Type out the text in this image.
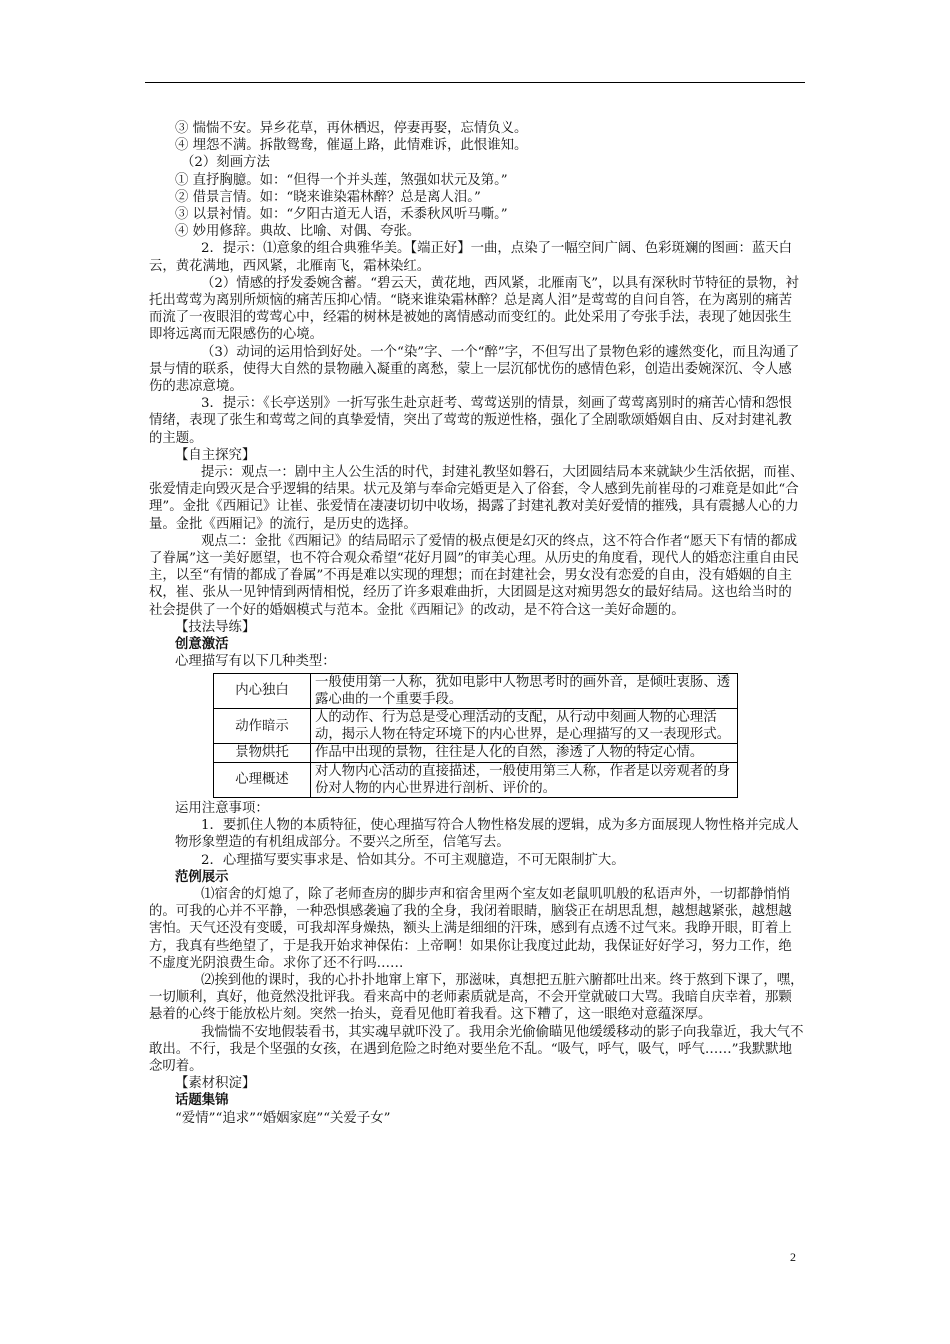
③ 惴惴不安。异乡花草，再休栖迟，停妻再娶，忘情负义。

④ 埋怨不满。拆散鸳鸯，催逼上路，此情难诉，此恨谁知。

（2）刻画方法

① 直抒胸臆。如：“但得一个并头莲，煞强如状元及第。”

② 借景言情。如：“晓来谁染霜林醉？总是离人泪。”

③ 以景衬情。如：“夕阳古道无人语，禾黍秋风听马嘶。”

④ 妙用修辞。典故、比喻、对偶、夸张。

2．提示：⑴意象的组合典雅华美。【端正好】一曲，点染了一幅空间广阔、色彩斑斓的图画：蓝天白云，黄花满地，西风紧，北雁南飞，霜林染红。

（2）情感的抒发委婉含蓄。“碧云天，黄花地，西风紧，北雁南飞”，以具有深秋时节特征的景物，衬托出莺莺为离别所烦恼的痛苦压抑心情。“晓来谁染霜林醉？总是离人泪”是莺莺的自问自答，在为离别的痛苦而流了一夜眼泪的莺莺心中，经霜的树林是被她的离情感动而变红的。此处采用了夸张手法，表现了她因张生即将远离而无限感伤的心境。

（3）动词的运用恰到好处。一个“染”字、一个“醉”字，不但写出了景物色彩的遽然变化，而且沟通了景与情的联系，使得大自然的景物融入凝重的离愁，蒙上一层沉郁忧伤的感情色彩，创造出委婉深沉、令人感伤的悲凉意境。

3．提示：《长亭送别》一折写张生赴京赶考、莺莺送别的情景，刻画了莺莺离别时的痛苦心情和怨恨情绪，表现了张生和莺莺之间的真挚爱情，突出了莺莺的叛逆性格，强化了全剧歌颂婚姻自由、反对封建礼教的主题。

【自主探究】

提示：观点一：剧中主人公生活的时代，封建礼教坚如磐石，大团圆结局本来就缺少生活依据，而崔、张爱情走向毁灭是合乎逻辑的结果。状元及第与奉命完婚更是入了俗套，令人感到先前崔母的刁难竟是如此“合理”。金批《西厢记》让崔、张爱情在凄凄切切中收场，揭露了封建礼教对美好爱情的摧残，具有震撼人心的力量。金批《西厢记》的流行，是历史的选择。

观点二：金批《西厢记》的结局昭示了爱情的极点便是幻灭的终点，这不符合作者“愿天下有情的都成了眷属”这一美好愿望，也不符合观众希望“花好月圆”的审美心理。从历史的角度看，现代人的婚恋注重自由民主，以至“有情的都成了眷属”不再是难以实现的理想；而在封建社会，男女没有恋爱的自由，没有婚姻的自主权，崔、张从一见钟情到两情相悦，经历了许多艰难曲折，大团圆是这对痴男怨女的最好结局。这也给当时的社会提供了一个好的婚姻模式与范本。金批《西厢记》的改动，是不符合这一美好命题的。

【技法导练】

创意激活

心理描写有以下几种类型：

内心独白	一般使用第一人称，犹如电影中人物思考时的画外音，是倾吐衷肠、透露心曲的一个重要手段。
动作暗示	人的动作、行为总是受心理活动的支配，从行动中刻画人物的心理活动，揭示人物在特定环境下的内心世界，是心理描写的又一表现形式。
景物烘托	作品中出现的景物，往往是人化的自然，渗透了人物的特定心情。
心理概述	对人物内心活动的直接描述，一般使用第三人称，作者是以旁观者的身份对人物的内心世界进行剖析、评价的。

运用注意事项：

1．要抓住人物的本质特征，使心理描写符合人物性格发展的逻辑，成为多方面展现人物性格并完成人物形象塑造的有机组成部分。不要兴之所至，信笔写去。

2．心理描写要实事求是、恰如其分。不可主观臆造，不可无限制扩大。

范例展示

⑴宿舍的灯熄了，除了老师查房的脚步声和宿舍里两个室友如老鼠叽叽般的私语声外，一切都静悄悄的。可我的心并不平静，一种恐惧感袭遍了我的全身，我闭着眼睛，脑袋正在胡思乱想，越想越紧张，越想越害怕。天气还没有变暖，可我却浑身燥热，额头上满是细细的汗珠，感到有点透不过气来。我睁开眼，盯着上方，我真有些绝望了，于是我开始求神保佑：上帝啊！如果你让我度过此劫，我保证好好学习，努力工作，绝不虚度光阴浪费生命。求你了还不行吗……

⑵挨到他的课时，我的心扑扑地窜上窜下，那滋味，真想把五脏六腑都吐出来。终于熬到下课了，嘿，一切顺利，真好，他竟然没批评我。看来高中的老师素质就是高，不会开堂就破口大骂。我暗自庆幸着，那颗悬着的心终于能放松片刻。突然一抬头，竟看见他盯着我看。这下糟了，这一眼绝对意蕴深厚。

我惴惴不安地假装看书，其实魂早就吓没了。我用余光偷偷瞄见他缓缓移动的影子向我靠近，我大气不敢出。不行，我是个坚强的女孩，在遇到危险之时绝对要坐危不乱。“吸气，呼气，吸气，呼气……”我默默地念叨着。

【素材积淀】

话题集锦

“爱情”“追求”“婚姻家庭”“关爱子女”

2
